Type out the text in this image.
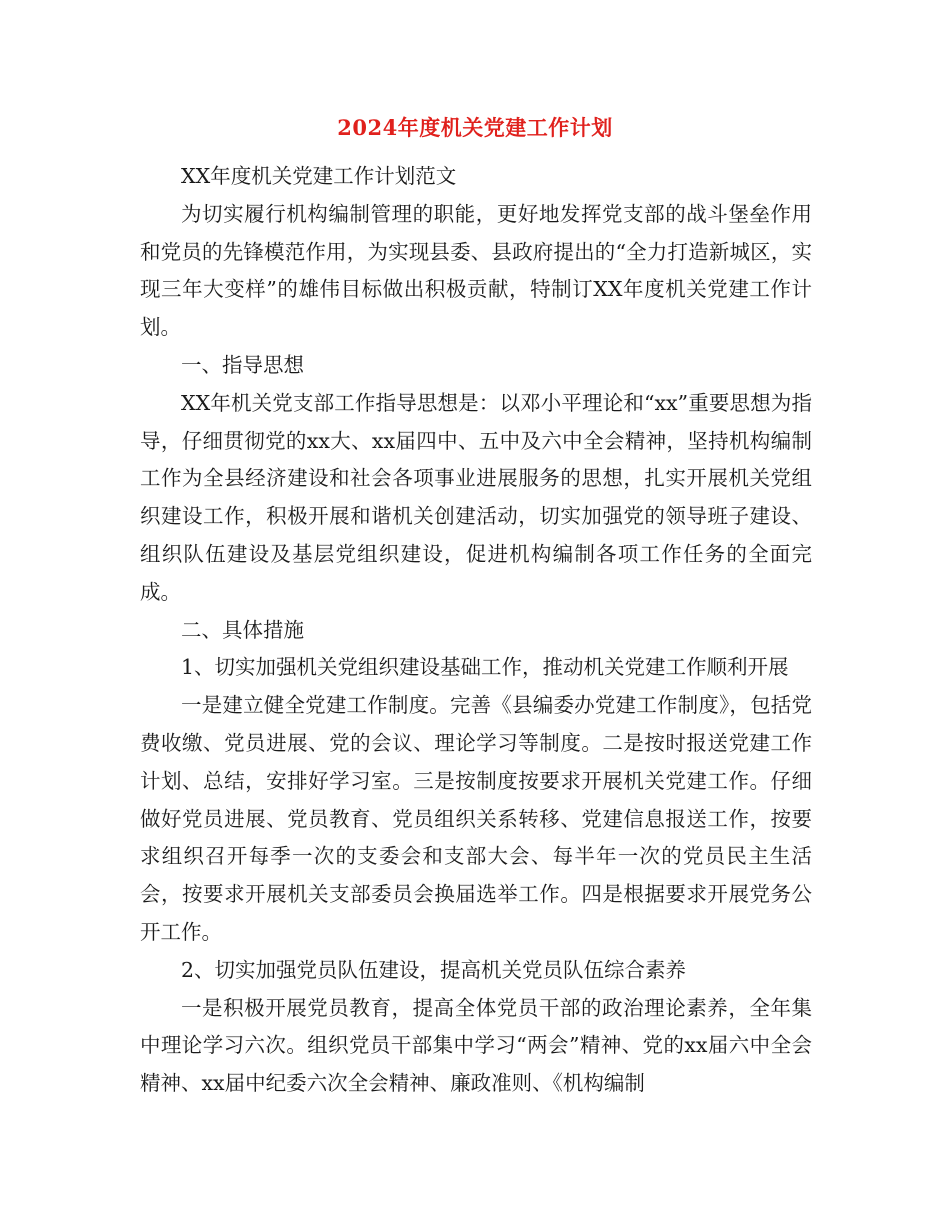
2024年度机关党建工作计划

XX年度机关党建工作计划范文

为切实履行机构编制管理的职能，更好地发挥党支部的战斗堡垒作用和党员的先锋模范作用，为实现县委、县政府提出的“全力打造新城区，实现三年大变样”的雄伟目标做出积极贡献，特制订XX年度机关党建工作计划。

一、指导思想

XX年机关党支部工作指导思想是：以邓小平理论和“xx”重要思想为指导，仔细贯彻党的xx大、xx届四中、五中及六中全会精神，坚持机构编制工作为全县经济建设和社会各项事业进展服务的思想，扎实开展机关党组织建设工作，积极开展和谐机关创建活动，切实加强党的领导班子建设、组织队伍建设及基层党组织建设，促进机构编制各项工作任务的全面完成。

二、具体措施

1、切实加强机关党组织建设基础工作，推动机关党建工作顺利开展

一是建立健全党建工作制度。完善《县编委办党建工作制度》，包括党费收缴、党员进展、党的会议、理论学习等制度。二是按时报送党建工作计划、总结，安排好学习室。三是按制度按要求开展机关党建工作。仔细做好党员进展、党员教育、党员组织关系转移、党建信息报送工作，按要求组织召开每季一次的支委会和支部大会、每半年一次的党员民主生活会，按要求开展机关支部委员会换届选举工作。四是根据要求开展党务公开工作。

2、切实加强党员队伍建设，提高机关党员队伍综合素养

一是积极开展党员教育，提高全体党员干部的政治理论素养，全年集中理论学习六次。组织党员干部集中学习“两会”精神、党的xx届六中全会精神、xx届中纪委六次全会精神、廉政准则、《机构编制
